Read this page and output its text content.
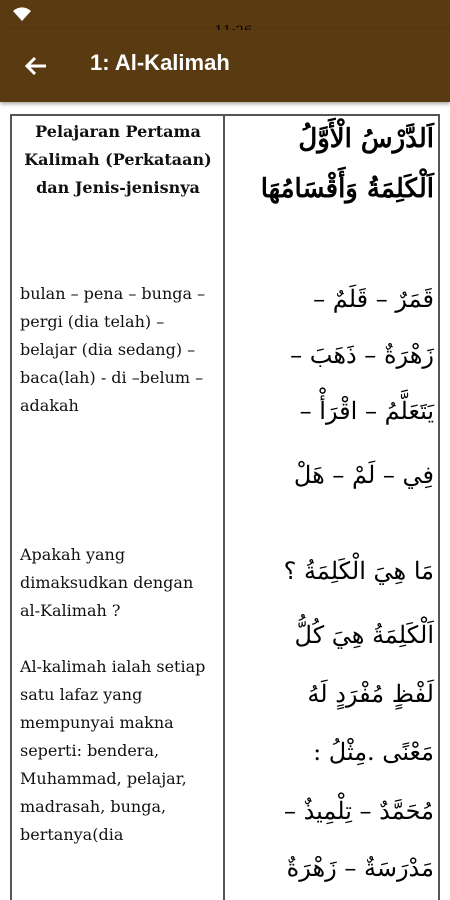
1: Al-Kalimah
Pelajaran Pertama Kalimah (Perkataan) dan Jenis-jenisnya
bulan – pena – bunga – pergi (dia telah) – belajar (dia sedang) – baca(lah) - di –belum – adakah
Apakah yang dimaksudkan dengan al-Kalimah ?
Al-kalimah ialah setiap satu lafaz yang mempunyai makna seperti: bendera, Muhammad, pelajar, madrasah, bunga, bertanya(dia
اَلدَّرْسُ الْأَوَّلُ
اَلْكَلِمَةُ وَأَقْسَامُهَا
قَمَرٌ – قَلَمٌ –
زَهْرَةٌ – ذَهَبَ –
يَتَعَلَّمُ – اقْرَأْ –
فِي – لَمْ – هَلْ
مَا هِيَ الْكَلِمَةُ ؟
اَلْكَلِمَةُ هِيَ كُلُّ
لَفْظٍ مُفْرَدٍ لَهُ
مَعْنًى .مِثْلُ :
مُحَمَّدٌ – تِلْمِيذٌ –
مَدْرَسَةٌ – زَهْرَةٌ
